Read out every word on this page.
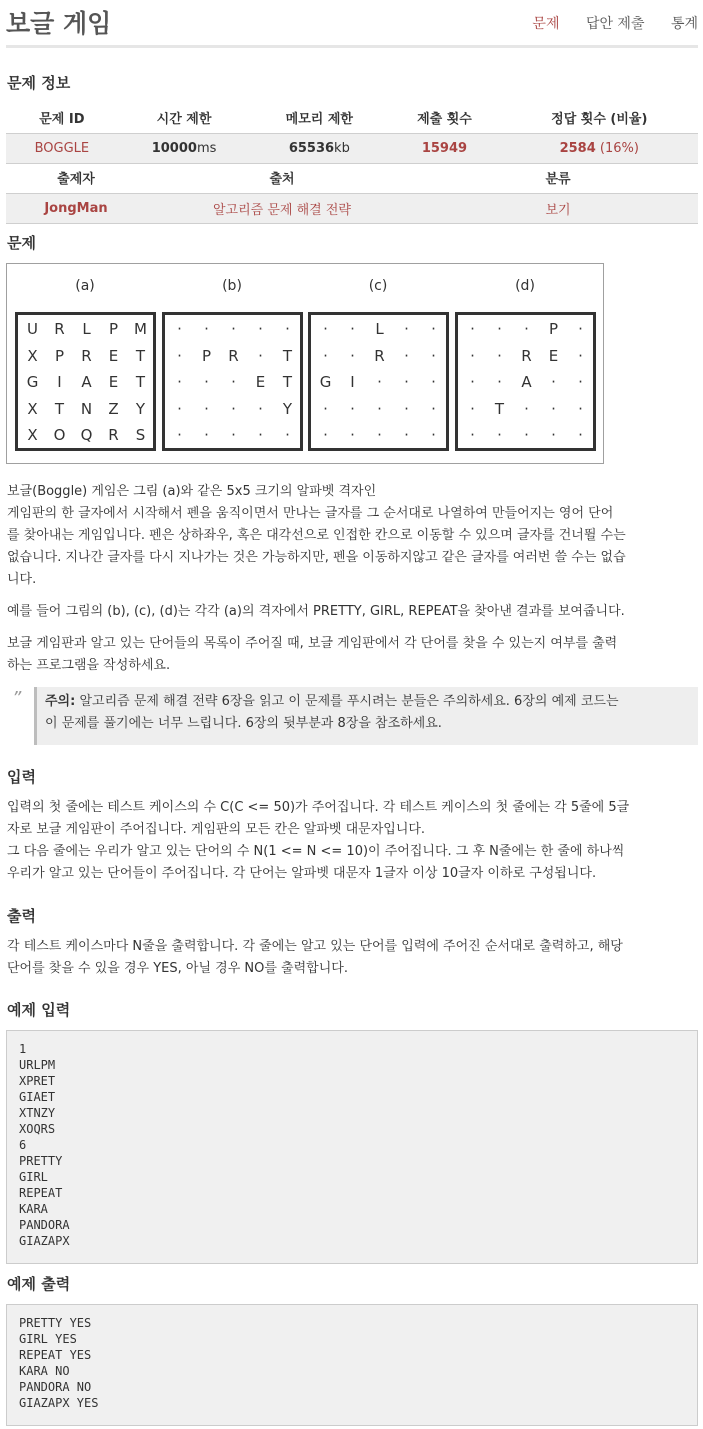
보글 게임	문제 답안 제출 통계
문제 정보
문제 ID	시간 제한	메모리 제한	제출 횟수	정답 횟수 (비율)
BOGGLE	10000ms	65536kb	15949	2584 (16%)
출제자	출처	분류
JongMan	알고리즘 문제 해결 전략	보기
문제
(a)	(b)	(c)	(d)
U	R	L	P	M
X	P	R	E	T
G	I	A	E	T
X	T	N	Z	Y
X	O	Q	R	S
·	·	·	·	·
·	P	R	·	T
·	·	·	E	T
·	·	·	·	Y
·	·	·	·	·
·	·	L	·	·
·	·	R	·	·
G	I	·	·	·
·	·	·	·	·
·	·	·	·	·
·	·	·	P	·
·	·	R	E	·
·	·	A	·	·
·	T	·	·	·
·	·	·	·	·
보글(Boggle) 게임은 그림 (a)와 같은 5x5 크기의 알파벳 격자인
게임판의 한 글자에서 시작해서 펜을 움직이면서 만나는 글자를 그 순서대로 나열하여 만들어지는 영어 단어
를 찾아내는 게임입니다. 펜은 상하좌우, 혹은 대각선으로 인접한 칸으로 이동할 수 있으며 글자를 건너뛸 수는
없습니다. 지나간 글자를 다시 지나가는 것은 가능하지만, 펜을 이동하지않고 같은 글자를 여러번 쓸 수는 없습
니다.
예를 들어 그림의 (b), (c), (d)는 각각 (a)의 격자에서 PRETTY, GIRL, REPEAT을 찾아낸 결과를 보여줍니다.
보글 게임판과 알고 있는 단어들의 목록이 주어질 때, 보글 게임판에서 각 단어를 찾을 수 있는지 여부를 출력
하는 프로그램을 작성하세요.
” 주의: 알고리즘 문제 해결 전략 6장을 읽고 이 문제를 푸시려는 분들은 주의하세요. 6장의 예제 코드는
이 문제를 풀기에는 너무 느립니다. 6장의 뒷부분과 8장을 참조하세요.
입력
입력의 첫 줄에는 테스트 케이스의 수 C(C <= 50)가 주어집니다. 각 테스트 케이스의 첫 줄에는 각 5줄에 5글
자로 보글 게임판이 주어집니다. 게임판의 모든 칸은 알파벳 대문자입니다.
그 다음 줄에는 우리가 알고 있는 단어의 수 N(1 <= N <= 10)이 주어집니다. 그 후 N줄에는 한 줄에 하나씩
우리가 알고 있는 단어들이 주어집니다. 각 단어는 알파벳 대문자 1글자 이상 10글자 이하로 구성됩니다.
출력
각 테스트 케이스마다 N줄을 출력합니다. 각 줄에는 알고 있는 단어를 입력에 주어진 순서대로 출력하고, 해당
단어를 찾을 수 있을 경우 YES, 아닐 경우 NO를 출력합니다.
예제 입력
1
URLPM
XPRET
GIAET
XTNZY
XOQRS
6
PRETTY
GIRL
REPEAT
KARA
PANDORA
GIAZAPX
예제 출력
PRETTY YES
GIRL YES
REPEAT YES
KARA NO
PANDORA NO
GIAZAPX YES
